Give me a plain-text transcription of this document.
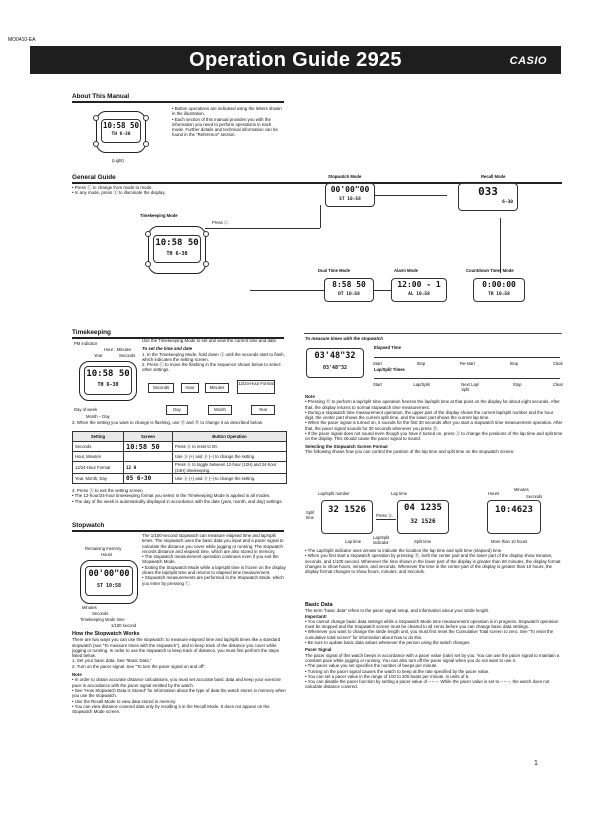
MO0410-EA
Operation Guide 2925	CASIO
About This Manual
10:58 50
TH 6-30
(Light)

• Button operations are indicated using the letters shown in the illustration.

• Each section of this manual provides you with the information you need to perform operations in each mode. Further details and technical information can be found in the “Reference” section.

General Guide

• Press Ⓒ to change from mode to mode.

• In any mode, press Ⓛ to illuminate the display.

Timekeeping Mode
10:58 50
TH 6-30
Press Ⓒ.
Stopwatch Mode
00'00"00
ST 10:58
Recall Mode
033
6-30
Dual Time Mode
8:58 50
DT 10:58
Alarm Mode
12:00 - 1
AL 10:58
Countdown Timer Mode
0:00:00
TR 10:58
Timekeeping
PM indicator
Hour : Minutes
Year	Seconds
10:58 50
TH 6-30
Day of week
Month – Day

Use the Timekeeping Mode to set and view the current time and date.

To set the time and date

1. In the Timekeeping Mode, hold down Ⓐ until the seconds start to flash, which indicates the setting screen.

2. Press Ⓒ to move the flashing in the sequence shown below to select other settings.

Seconds	Hour	Minutes
12/24-Hour Format
Year
Month
Day
3. When the setting you want to change is flashing, use Ⓓ and Ⓑ to change it as described below.
Setting	Screen	Button Operation
Seconds	10:58 50	Press Ⓓ to reset to 00.
Hour, Minutes		Use Ⓓ (+) and Ⓑ (–) to change the setting.
12/24-Hour Format	12 H	Press Ⓓ to toggle between 12-hour (12H) and 24-hour (24H) timekeeping.
Year, Month, Day	05 6-30	Use Ⓓ (+) and Ⓑ (–) to change the setting.

4. Press Ⓐ to exit the setting screen.

• The 12-hour/24-hour timekeeping format you select in the Timekeeping Mode is applied in all modes.

• The day of the week is automatically displayed in accordance with the date (year, month, and day) settings.

Stopwatch
Remaining memory
Hours
00'00"00
ST 10:58
Minutes
Seconds
Timekeeping Mode time
1/100 second

The 1/100-second stopwatch can measure elapsed time and lap/split times. The stopwatch uses the basic data you input and a pacer signal to calculate the distance you cover while jogging or running. The stopwatch records distance and elapsed time, which are also stored in memory.

• The stopwatch measurement operation continues even if you exit the Stopwatch Mode.

• Exiting the Stopwatch Mode while a lap/split time is frozen on the display clears the lap/split time and returns to elapsed time measurement.

• Stopwatch measurements are performed in the Stopwatch Mode, which you enter by pressing Ⓒ.

How the Stopwatch Works

There are two ways you can use the stopwatch: to measure elapsed time and lap/split times like a standard stopwatch (see “To measure times with the stopwatch”), and to keep track of the distance you cover while jogging or running. In order to use the stopwatch to keep track of distance, you must first perform the steps listed below.

1. Set your basic data. See “Basic Data.”

2. Turn on the pacer signal. See “To turn the pacer signal on and off”.

Note

• In order to obtain accurate distance calculations, you must set accurate basic data and keep your exercise pace in accordance with the pacer signal emitted by the watch.

• See “How Stopwatch Data is Stored” for information about the type of data the watch stores in memory when you use the stopwatch.

• Use the Recall Mode to view data stored in memory.

• You can view distance covered data only by recalling it in the Recall Mode. It does not appear on the Stopwatch Mode screen.

To measure times with the stopwatch
03'48"32
03'48"32
Elapsed Time
Start	Stop	Re-start	Stop	Clear
Lap/Split Times
Start	Lap/Split	Next Lap/ Split
Stop	Clear

Note

• Pressing Ⓑ to perform a lap/split time operation freezes the lap/split time at that point on the display for about eight seconds. After that, the display returns to normal stopwatch time measurement.

• During a stopwatch time measurement operation, the upper part of the display shows the current lap/split number and the hour digit, the center part shows the current split time, and the lower part shows the current lap time.

• When the pacer signal is turned on, it sounds for the first 30 seconds after you start a stopwatch time measurement operation. After that, the pacer signal sounds for 30 seconds whenever you press Ⓓ.

• If the pacer signal does not sound even though you have it turned on, press Ⓐ to change the positions of the lap time and split time on the display. This should cause the pacer signal to sound.

Selecting the Stopwatch Screen Format

The following shows how you can control the position of the lap time and split time on the stopwatch screen.

Lap/Split number	Lap time	Hours
Minutes
Seconds
Split time
32 1526
Press Ⓐ.
04 1235
32 1526
10:4623
Lap time
Lap/Split indicator	Split time	More than 10 hours

• The Lap/Split indicator uses arrows to indicate the location the lap time and split time (elapsed) time.

• When you first start a stopwatch operation by pressing Ⓓ, both the center part and the lower part of the display show minutes, seconds, and 1/100 second. Whenever the time shown in the lower part of the display is greater than 60 minutes, the display format changes to show hours, minutes, and seconds. Whenever the time in the center part of the display is greater than 10 hours, the display format changes to show hours, minutes, and seconds.

Basic Data

The term “basic data” refers to the pacer signal setup, and information about your stride length.

Important!

• You cannot change basic data settings while a Stopwatch Mode time measurement operation is in progress. Stopwatch operation must be stopped and the Stopwatch screen must be cleared to all zeros before you can change basic data settings.

• Whenever you want to change the stride length unit, you must first reset the Cumulative Total screen to zero. See “To reset the cumulative total screen” for information about how to do this.

• Be sure to update basic data values whenever the person using the watch changes.

Pacer Signal

The pacer signal of this watch beeps in accordance with a pacer value (rate) set by you. You can use the pacer signal to maintain a constant pace while jogging or running. You can also turn off the pacer signal when you do not want to use it.

• The pacer value you set specifies the number of beeps per minute.

• Turning on the pacer signal causes the watch to beep at the rate specified by the pacer value.

• You can set a pacer value in the range of 100 to 200 beats per minute, in units of 5.

• You can disable the pacer function by setting a pacer value of – – –. While the pacer value is set to – – –, the watch does not calculate distance covered.

1
